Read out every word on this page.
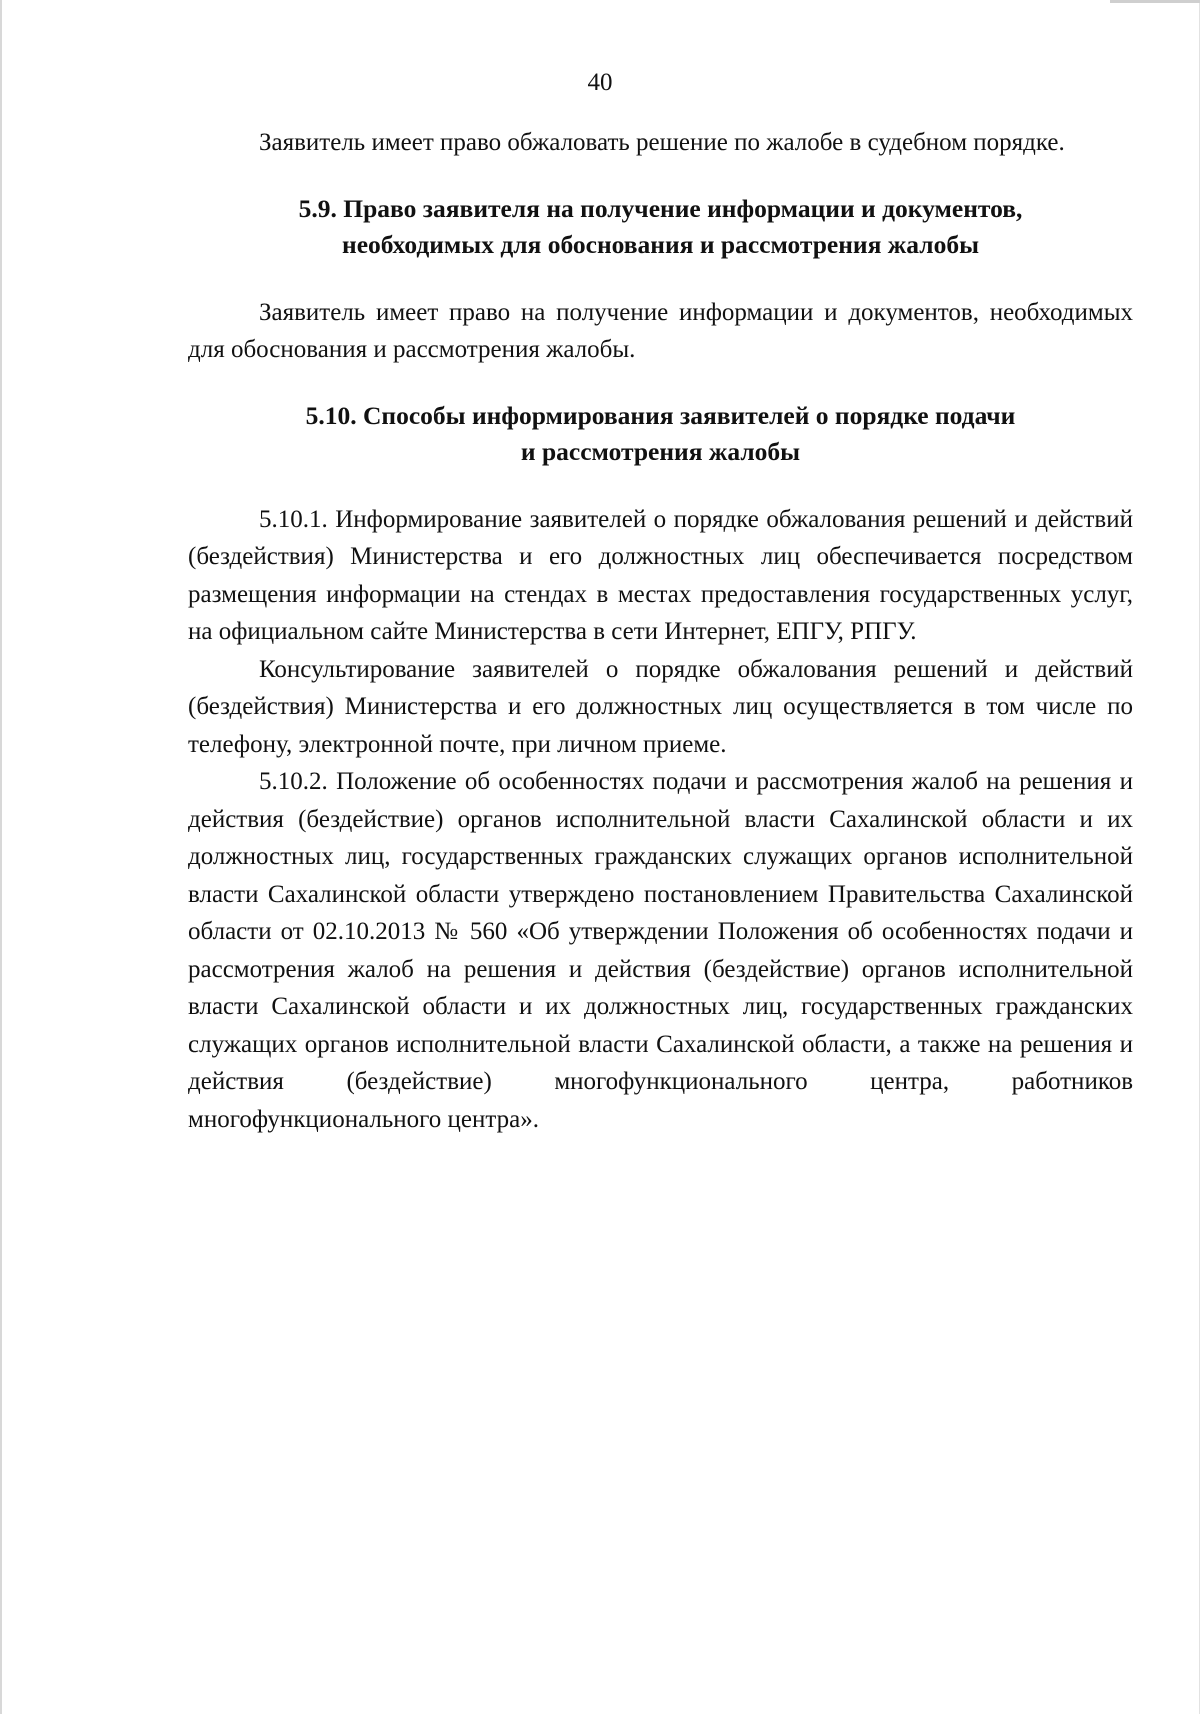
40

Заявитель имеет право обжаловать решение по жалобе в судебном порядке.

5.9. Право заявителя на получение информации и документов,
необходимых для обоснования и рассмотрения жалобы

Заявитель имеет право на получение информации и документов, необходимых для обоснования и рассмотрения жалобы.

5.10. Способы информирования заявителей о порядке подачи
и рассмотрения жалобы

5.10.1. Информирование заявителей о порядке обжалования решений и действий (бездействия) Министерства и его должностных лиц обеспечивается посредством размещения информации на стендах в местах предоставления государственных услуг, на официальном сайте Министерства в сети Интернет, ЕПГУ, РПГУ.

Консультирование заявителей о порядке обжалования решений и действий (бездействия) Министерства и его должностных лиц осуществляется в том числе по телефону, электронной почте, при личном приеме.

5.10.2. Положение об особенностях подачи и рассмотрения жалоб на решения и действия (бездействие) органов исполнительной власти Сахалинской области и их должностных лиц, государственных гражданских служащих органов исполнительной власти Сахалинской области утверждено постановлением Правительства Сахалинской области от 02.10.2013 № 560 «Об утверждении Положения об особенностях подачи и рассмотрения жалоб на решения и действия (бездействие) органов исполнительной власти Сахалинской области и их должностных лиц, государственных гражданских служащих органов исполнительной власти Сахалинской области, а также на решения и действия (бездействие) многофункционального центра, работников многофункционального центра».
